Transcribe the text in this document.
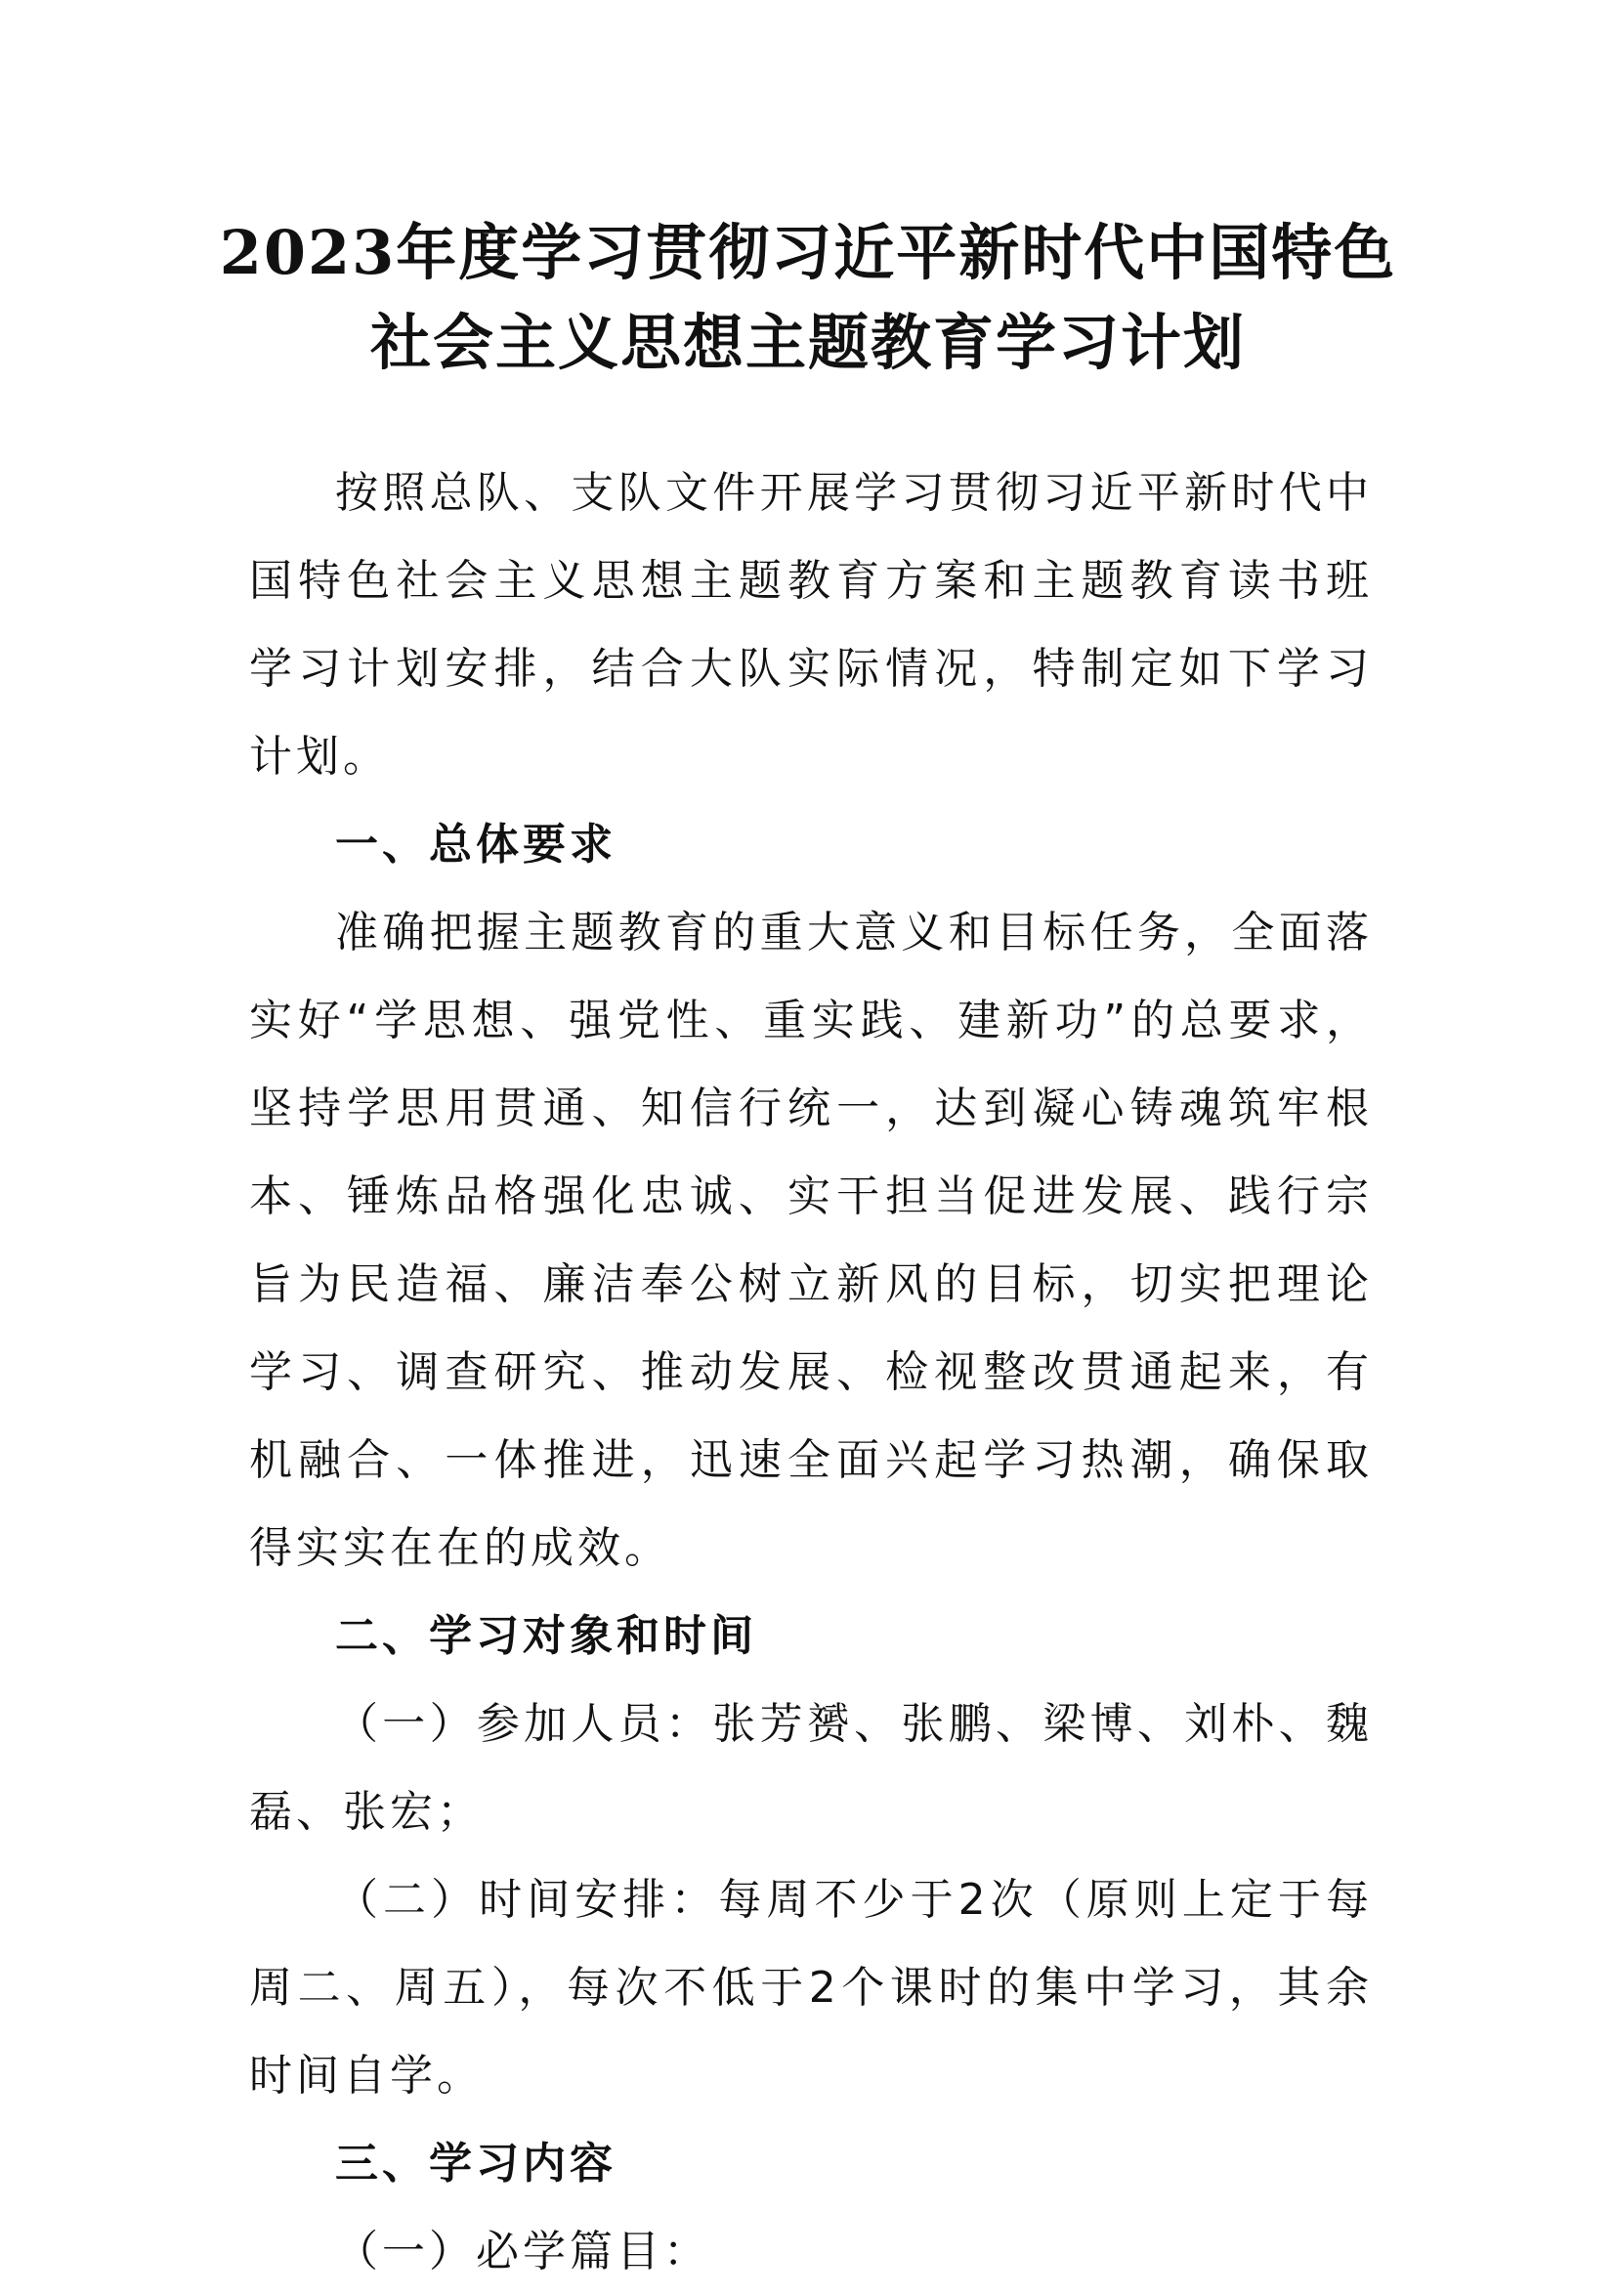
2023年度学习贯彻习近平新时代中国特色
社会主义思想主题教育学习计划

按照总队、支队文件开展学习贯彻习近平新时代中国特色社会主义思想主题教育方案和主题教育读书班学习计划安排，结合大队实际情况，特制定如下学习计划。

一、总体要求

准确把握主题教育的重大意义和目标任务，全面落实好“学思想、强党性、重实践、建新功”的总要求，坚持学思用贯通、知信行统一，达到凝心铸魂筑牢根本、锤炼品格强化忠诚、实干担当促进发展、践行宗旨为民造福、廉洁奉公树立新风的目标，切实把理论学习、调查研究、推动发展、检视整改贯通起来，有机融合、一体推进，迅速全面兴起学习热潮，确保取得实实在在的成效。

二、学习对象和时间

（一）参加人员：张芳赟、张鹏、梁博、刘朴、魏磊、张宏；

（二）时间安排：每周不少于2次（原则上定于每周二、周五），每次不低于2个课时的集中学习，其余时间自学。

三、学习内容

（一）必学篇目：
